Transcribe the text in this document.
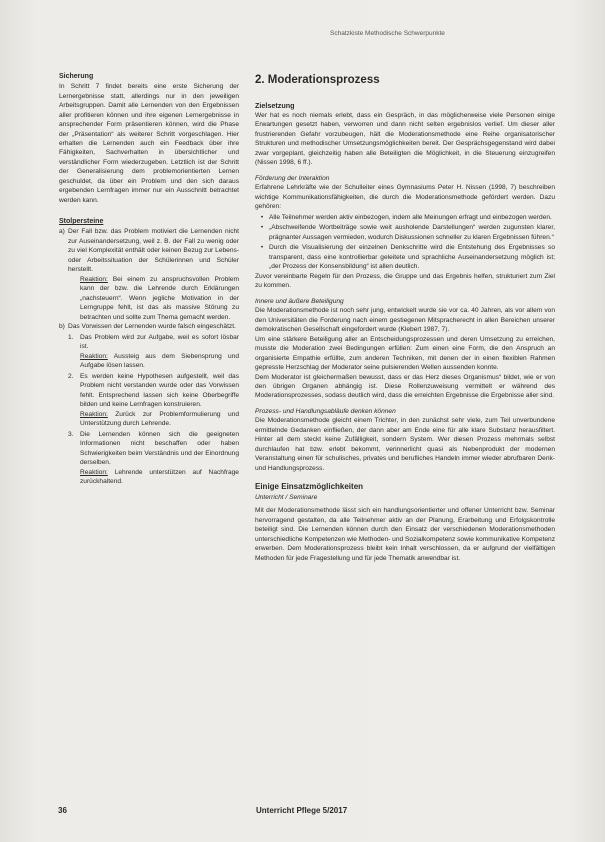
Schatzkiste Methodische Schwerpunkte

Sicherung

In Schritt 7 findet bereits eine erste Sicherung der Lernergebnisse statt, allerdings nur in den jeweiligen Arbeitsgruppen. Damit alle Lernenden von den Ergebnissen aller profitieren können und ihre eigenen Lernergebnisse in ansprechender Form präsentieren können, wird die Phase der „Präsentation“ als weiterer Schritt vorgeschlagen. Hier erhalten die Lernenden auch ein Feedback über ihre Fähigkeiten, Sachverhalten in übersichtlicher und verständlicher Form wiederzugeben. Letztlich ist der Schritt der Generalisierung dem problemorientierten Lernen geschuldet, da über ein Problem und den sich daraus ergebenden Lernfragen immer nur ein Ausschnitt betrachtet werden kann.

Stolpersteine

a) Der Fall bzw. das Problem motiviert die Lernenden nicht zur Auseinandersetzung, weil z. B. der Fall zu wenig oder zu viel Komplexität enthält oder keinen Bezug zur Lebens- oder Arbeitssituation der Schülerinnen und Schüler herstellt.
Reaktion: Bei einem zu anspruchsvollen Problem kann der bzw. die Lehrende durch Erklärungen „nachsteuern“. Wenn jegliche Motivation in der Lerngruppe fehlt, ist das als massive Störung zu betrachten und sollte zum Thema gemacht werden.
b) Das Vorwissen der Lernenden wurde falsch eingeschätzt.
1. Das Problem wird zur Aufgabe, weil es sofort lösbar ist.
Reaktion: Aussteig aus dem Siebensprung und Aufgabe lösen lassen.
2. Es werden keine Hypothesen aufgestellt, weil das Problem nicht verstanden wurde oder das Vorwissen fehlt. Entsprechend lassen sich keine Oberbegriffe bilden und keine Lernfragen konstruieren.
Reaktion: Zurück zur Problemformulierung und Unterstützung durch Lehrende.
3. Die Lernenden können sich die geeigneten Informationen nicht beschaffen oder haben Schwierigkeiten beim Verständnis und der Einordnung derselben.
Reaktion: Lehrende unterstützen auf Nachfrage zurückhaltend.

2. Moderationsprozess

Zielsetzung

Wer hat es noch niemals erlebt, dass ein Gespräch, in das möglicherweise viele Personen einige Erwartungen gesetzt haben, verworren und dann nicht selten ergebnislos verlief. Um dieser aller frustrierenden Gefahr vorzubeugen, hält die Moderationsmethode eine Reihe organisatorischer Strukturen und methodischer Umsetzungsmöglichkeiten bereit. Der Gesprächsgegenstand wird dabei zwar vorgeplant, gleichzeitig haben alle Beteiligten die Möglichkeit, in die Steuerung einzugreifen (Nissen 1998, 6 ff.).

Förderung der Interaktion

Erfahrene Lehrkräfte wie der Schulleiter eines Gymnasiums Peter H. Nissen (1998, 7) beschreiben wichtige Kommunikationsfähigkeiten, die durch die Moderationsmethode gefördert werden. Dazu gehören:

• Alle Teilnehmer werden aktiv einbezogen, indem alle Meinungen erfragt und einbezogen werden.
• „Abschweifende Wortbeiträge sowie weit ausholende Darstellungen“ werden zugunsten klarer, prägnanter Aussagen vermieden, wodurch Diskussionen schneller zu klaren Ergebnissen führen.“
• Durch die Visualisierung der einzelnen Denkschritte wird die Entstehung des Ergebnisses so transparent, dass eine kontrollierbar geleitete und sprachliche Auseinandersetzung möglich ist; „der Prozess der Konsensbildung“ ist allen deutlich.

Zuvor vereinbarte Regeln für den Prozess, die Gruppe und das Ergebnis helfen, strukturiert zum Ziel zu kommen.

Innere und äußere Beteiligung

Die Moderationsmethode ist noch sehr jung, entwickelt wurde sie vor ca. 40 Jahren, als vor allem von den Universitäten die Forderung nach einem gestiegenen Mitspracherecht in allen Bereichen unserer demokratischen Gesellschaft eingefordert wurde (Klebert 1987, 7).

Um eine stärkere Beteiligung aller an Entscheidungsprozessen und deren Umsetzung zu erreichen, musste die Moderation zwei Bedingungen erfüllen: Zum einen eine Form, die den Anspruch an organisierte Empathie erfüllte, zum anderen Techniken, mit denen der in einen flexiblen Rahmen gepresste Herzschlag der Moderator seine pulsierenden Wellen aussenden konnte.

Dem Moderator ist gleichermaßen bewusst, dass er das Herz dieses Organismus“ bildet, wie er von den übrigen Organen abhängig ist. Diese Rollenzuweisung vermittelt er während des Moderationsprozesses, sodass deutlich wird, dass die erreichten Ergebnisse die Ergebnisse aller sind.

Prozess- und Handlungsabläufe denken können

Die Moderationsmethode gleicht einem Trichter, in den zunächst sehr viele, zum Teil unverbundene ermittelnde Gedanken einfließen, der dann aber am Ende eine für alle klare Substanz herausfiltert. Hinter all dem steckt keine Zufälligkeit, sondern System. Wer diesen Prozess mehrmals selbst durchlaufen hat bzw. erlebt bekommt, verinnerlicht quasi als Nebenprodukt der modernen Veranstaltung einen für schulisches, privates und berufliches Handeln immer wieder abrufbaren Denk- und Handlungsprozess.

Einige Einsatzmöglichkeiten

Unterricht / Seminare

Mit der Moderationsmethode lässt sich ein handlungsorientierter und offener Unterricht bzw. Seminar hervorragend gestalten, da alle Teilnehmer aktiv an der Planung, Erarbeitung und Erfolgskontrolle beteiligt sind. Die Lernenden können durch den Einsatz der verschiedenen Moderationsmethoden unterschiedliche Kompetenzen wie Methoden- und Sozialkompetenz sowie kommunikative Kompetenz erwerben. Dem Moderationsprozess bleibt kein Inhalt verschlossen, da er aufgrund der vielfältigen Methoden für jede Fragestellung und für jede Thematik anwendbar ist.

36	Unterricht Pflege 5/2017
